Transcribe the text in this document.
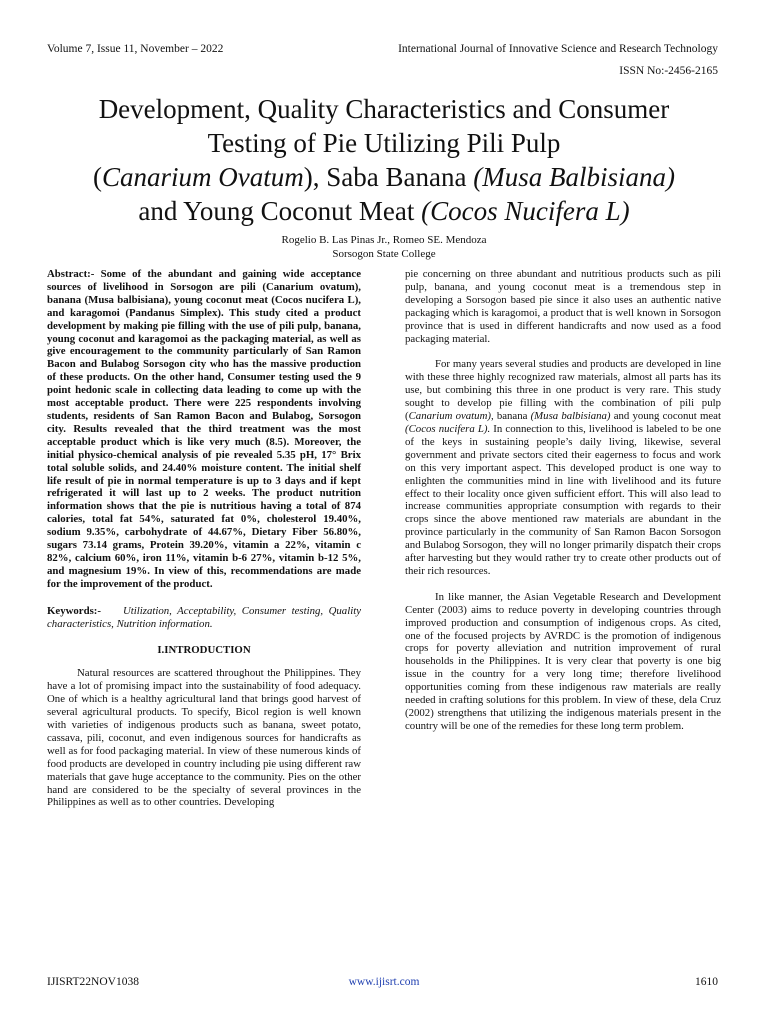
Volume 7, Issue 11, November – 2022	International Journal of Innovative Science and Research Technology
ISSN No:-2456-2165
Development, Quality Characteristics and Consumer
Testing of Pie Utilizing Pili Pulp
(Canarium Ovatum), Saba Banana (Musa Balbisiana)
and Young Coconut Meat (Cocos Nucifera L)
Rogelio B. Las Pinas Jr., Romeo SE. Mendoza
Sorsogon State College

Abstract:- Some of the abundant and gaining wide acceptance sources of livelihood in Sorsogon are pili (Canarium ovatum), banana (Musa balbisiana), young coconut meat (Cocos nucifera L), and karagomoi (Pandanus Simplex). This study cited a product development by making pie filling with the use of pili pulp, banana, young coconut and karagomoi as the packaging material, as well as give encouragement to the community particularly of San Ramon Bacon and Bulabog Sorsogon city who has the massive production of these products. On the other hand, Consumer testing used the 9 point hedonic scale in collecting data leading to come up with the most acceptable product. There were 225 respondents involving students, residents of San Ramon Bacon and Bulabog, Sorsogon city. Results revealed that the third treatment was the most acceptable product which is like very much (8.5). Moreover, the initial physico-chemical analysis of pie revealed 5.35 pH, 17° Brix total soluble solids, and 24.40% moisture content. The initial shelf life result of pie in normal temperature is up to 3 days and if kept refrigerated it will last up to 2 weeks. The product nutrition information shows that the pie is nutritious having a total of 874 calories, total fat 54%, saturated fat 0%, cholesterol 19.40%, sodium 9.35%, carbohydrate of 44.67%, Dietary Fiber 56.80%, sugars 73.14 grams, Protein 39.20%, vitamin a 22%, vitamin c 82%, calcium 60%, iron 11%, vitamin b-6 27%, vitamin b-12 5%, and magnesium 19%. In view of this, recommendations are made for the improvement of the product.

Keywords:- Utilization, Acceptability, Consumer testing, Quality characteristics, Nutrition information.

I.INTRODUCTION

Natural resources are scattered throughout the Philippines. They have a lot of promising impact into the sustainability of food adequacy. One of which is a healthy agricultural land that brings good harvest of several agricultural products. To specify, Bicol region is well known with varieties of indigenous products such as banana, sweet potato, cassava, pili, coconut, and even indigenous sources for handicrafts as well as for food packaging material. In view of these numerous kinds of food products are developed in country including pie using different raw materials that gave huge acceptance to the community. Pies on the other hand are considered to be the specialty of several provinces in the Philippines as well as to other countries. Developing

pie concerning on three abundant and nutritious products such as pili pulp, banana, and young coconut meat is a tremendous step in developing a Sorsogon based pie since it also uses an authentic native packaging which is karagomoi, a product that is well known in Sorsogon province that is used in different handicrafts and now used as a food packaging material.

For many years several studies and products are developed in line with these three highly recognized raw materials, almost all parts has its use, but combining this three in one product is very rare. This study sought to develop pie filling with the combination of pili pulp (Canarium ovatum), banana (Musa balbisiana) and young coconut meat (Cocos nucifera L). In connection to this, livelihood is labeled to be one of the keys in sustaining people’s daily living, likewise, several government and private sectors cited their eagerness to focus and work on this very important aspect. This developed product is one way to enlighten the communities mind in line with livelihood and its future effect to their locality once given sufficient effort. This will also lead to increase communities appropriate consumption with regards to their crops since the above mentioned raw materials are abundant in the province particularly in the community of San Ramon Bacon Sorsogon and Bulabog Sorsogon, they will no longer primarily dispatch their crops after harvesting but they would rather try to create other products out of their rich resources.

In like manner, the Asian Vegetable Research and Development Center (2003) aims to reduce poverty in developing countries through improved production and consumption of indigenous crops. As cited, one of the focused projects by AVRDC is the promotion of indigenous crops for poverty alleviation and nutrition improvement of rural households in the Philippines. It is very clear that poverty is one big issue in the country for a very long time; therefore livelihood opportunities coming from these indigenous raw materials are really needed in crafting solutions for this problem. In view of these, dela Cruz (2002) strengthens that utilizing the indigenous materials present in the country will be one of the remedies for these long term problem.

IJISRT22NOV1038	www.ijisrt.com	1610
